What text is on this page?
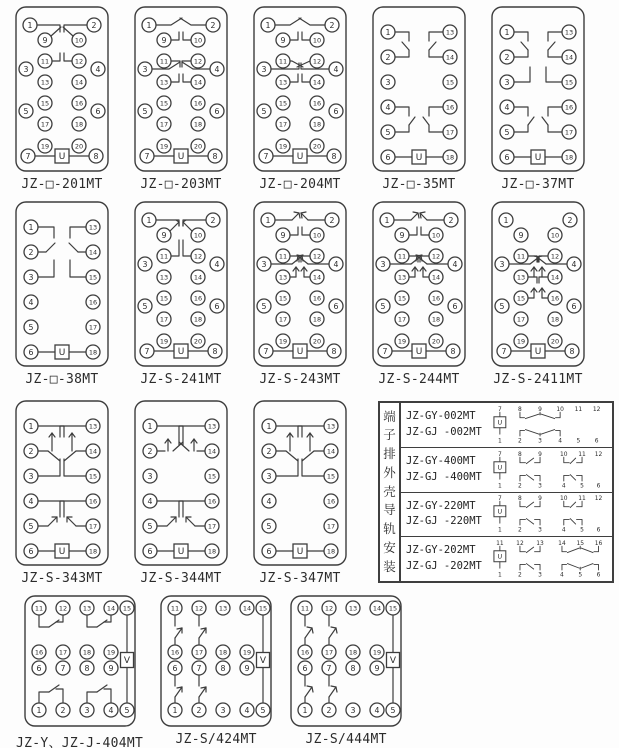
U
1	2
9	10
11	12
3	4
13	14
15	16
5	6
17	18
19	20
7	8
JZ-□-201MT
U
1	2
9	10
11	12
3	4
13	14
15	16
5	6
17	18
19	20
7	8
JZ-□-203MT
U
1	2
9	10
11	12
3	4
13	14
15	16
5	6
17	18
19	20
7	8
JZ-□-204MT
U
1	13
2	14
3	15
4	16
5	17
6	18
JZ-□-35MT
U
1	13
2	14
3	15
4	16
5	17
6	18
JZ-□-37MT
U
1	13
2	14
3	15
4	16
5	17
6	18
JZ-□-38MT
U
1	2
9	10
11	12
3	4
13	14
15	16
5	6
17	18
19	20
7	8
JZ-S-241MT
U
1	2
9	10
11	12
3	4
13	14
15	16
5	6
17	18
19	20
7	8
JZ-S-243MT
U
1	2
9	10
11	12
3	4
13	14
15	16
5	6
17	18
19	20
7	8
JZ-S-244MT
U
1	2
9	10
11	12
3	4
13	14
15	16
5	6
17	18
19	20
7	8
JZ-S-2411MT
U
1	13
2	14
3	15
4	16
5	17
6	18
JZ-S-343MT
U
1	13
2	14
3	15
4	16
5	17
6	18
JZ-S-344MT
U
1	13
2	14
3	15
4	16
5	17
6	18
JZ-S-347MT
端
子
排
外
壳
导
轨
安
装
JZ-GY-002MT
JZ-GJ -002MT
7
U
1
8	9 10 11 12
2	3	4 5 6
JZ-GY-400MT
JZ-GJ -400MT
7
U
1
8	9	10 11 12
2	3	4 5 6
JZ-GY-220MT
JZ-GJ -220MT
7
U
1
8	9	10 11 12
2	3	4 5 6
JZ-GY-202MT
JZ-GJ -202MT
11
U
1
12 13 14 15 16
2	3	4 5 6
V
11 12 13 14 15
16 17 18 19
6 7 8 9
1 2 3 4 5
JZ-Y、JZ-J-404MT
V
11 12 13 14 15
16 17 18 19
6 7 8 9
1 2 3 4 5
JZ-S/424MT
V
11 12 13 14 15
16 17 18 19
6 7 8 9
1 2 3 4 5
JZ-S/444MT
